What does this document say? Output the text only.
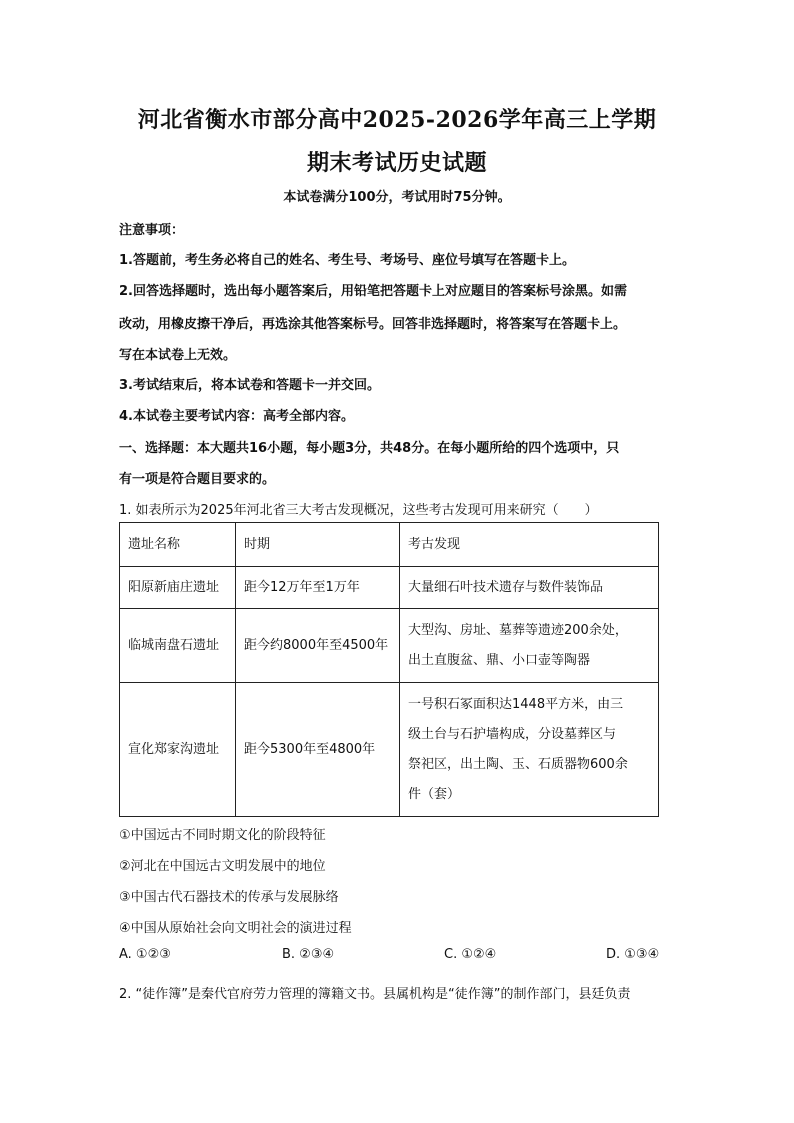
河北省衡水市部分高中2025-2026学年高三上学期
期末考试历史试题
本试卷满分100分，考试用时75分钟。
注意事项：
1.答题前，考生务必将自己的姓名、考生号、考场号、座位号填写在答题卡上。
2.回答选择题时，选出每小题答案后，用铅笔把答题卡上对应题目的答案标号涂黑。如需
改动，用橡皮擦干净后，再选涂其他答案标号。回答非选择题时，将答案写在答题卡上。
写在本试卷上无效。
3.考试结束后，将本试卷和答题卡一并交回。
4.本试卷主要考试内容：高考全部内容。
一、选择题：本大题共16小题，每小题3分，共48分。在每小题所给的四个选项中，只
有一项是符合题目要求的。
1. 如表所示为2025年河北省三大考古发现概况，这些考古发现可用来研究（　　）
遗址名称	时期	考古发现
阳原新庙庄遗址	距今12万年至1万年	大量细石叶技术遗存与数件装饰品

临城南盘石遗址	距今约8000年至4500年	大型沟、房址、墓葬等遗迹200余处，
出土直腹盆、鼎、小口壶等陶器

宣化郑家沟遗址	距今5300年至4800年	一号积石冢面积达1448平方米，由三
级土台与石护墙构成，分设墓葬区与
祭祀区，出土陶、玉、石质器物600余
件（套）
①中国远古不同时期文化的阶段特征
②河北在中国远古文明发展中的地位
③中国古代石器技术的传承与发展脉络
④中国从原始社会向文明社会的演进过程
A. ①②③	B. ②③④	C. ①②④	D. ①③④
2. “徒作簿”是秦代官府劳力管理的簿籍文书。县属机构是“徒作簿”的制作部门，县廷负责
